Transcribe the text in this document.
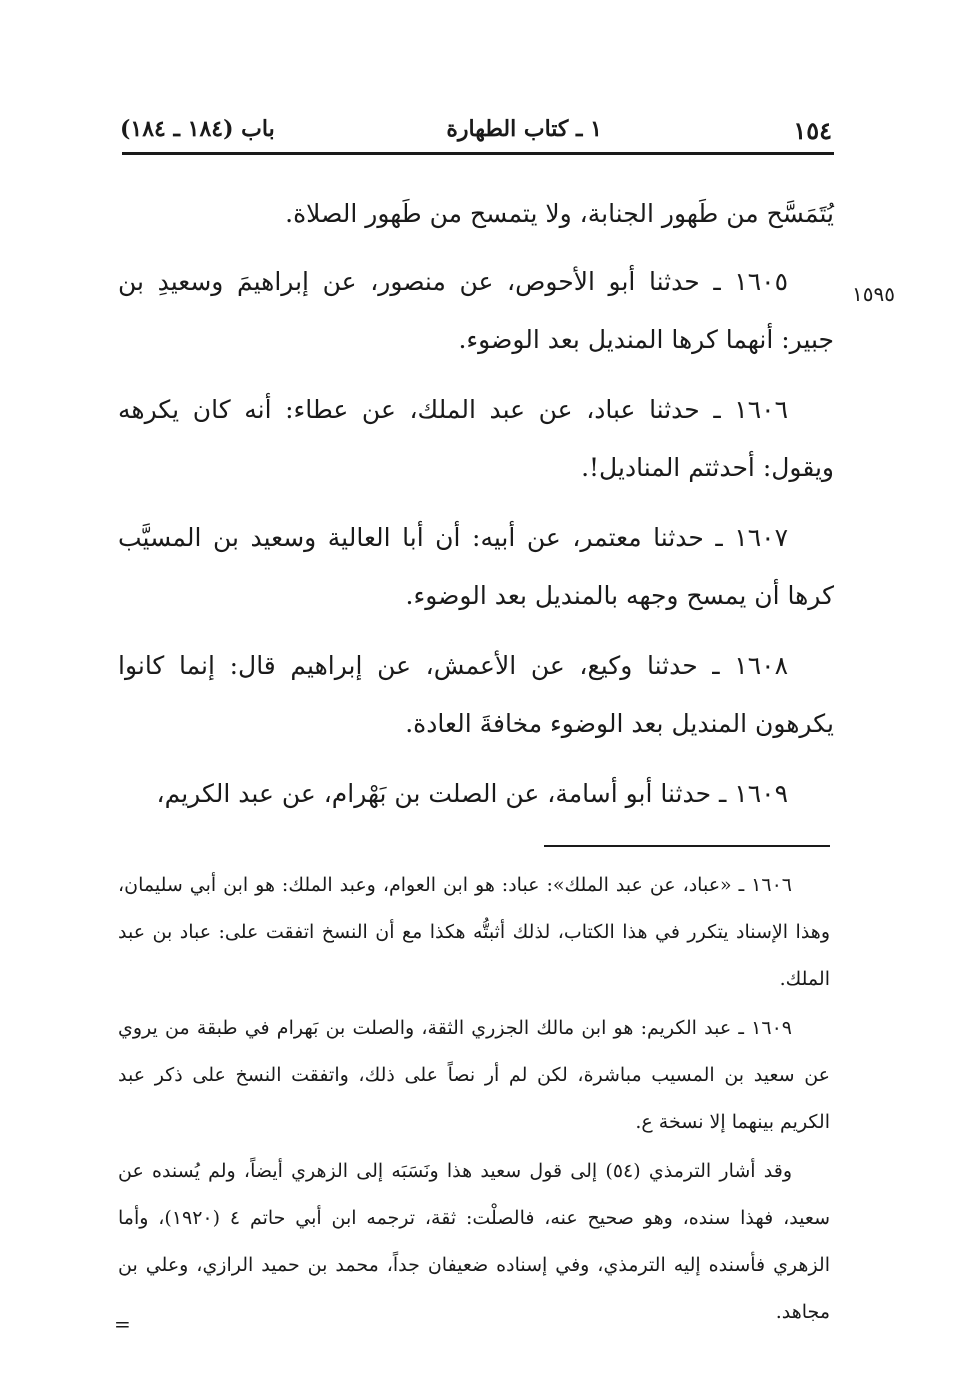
١٥٤
١ ـ كتاب الطهارة
باب (١٨٤ ـ ١٨٤)
١٥٩٥

يُتَمَسَّح من طَهور الجنابة، ولا يتمسح من طَهور الصلاة.

١٦٠٥ ـ حدثنا أبو الأحوص، عن منصور، عن إبراهيمَ وسعيدِ بن جبير: أنهما كرها المنديل بعد الوضوء.

١٦٠٦ ـ حدثنا عباد، عن عبد الملك، عن عطاء: أنه كان يكرهه ويقول: أحدثتم المناديل!.

١٦٠٧ ـ حدثنا معتمر، عن أبيه: أن أبا العالية وسعيد بن المسيَّب كرها أن يمسح وجهه بالمنديل بعد الوضوء.

١٦٠٨ ـ حدثنا وكيع، عن الأعمش، عن إبراهيم قال: إنما كانوا يكرهون المنديل بعد الوضوء مخافةَ العادة.

١٦٠٩ ـ حدثنا أبو أسامة، عن الصلت بن بَهْرام، عن عبد الكريم،

١٦٠٦ ـ «عباد، عن عبد الملك»: عباد: هو ابن العوام، وعبد الملك: هو ابن أبي سليمان، وهذا الإسناد يتكرر في هذا الكتاب، لذلك أثبتُّه هكذا مع أن النسخ اتفقت على: عباد بن عبد الملك.

١٦٠٩ ـ عبد الكريم: هو ابن مالك الجزري الثقة، والصلت بن بَهرام في طبقة من يروي عن سعيد بن المسيب مباشرة، لكن لم أر نصاً على ذلك، واتفقت النسخ على ذكر عبد الكريم بينهما إلا نسخة ع.

وقد أشار الترمذي (٥٤) إلى قول سعيد هذا ونَسَبَه إلى الزهري أيضاً، ولم يُسنده عن سعيد، فهذا سنده، وهو صحيح عنه، فالصلْت: ثقة، ترجمه ابن أبي حاتم ٤ (١٩٢٠)، وأما الزهري فأسنده إليه الترمذي، وفي إسناده ضعيفان جداً، محمد بن حميد الرازي، وعلي بن مجاهد.

=
